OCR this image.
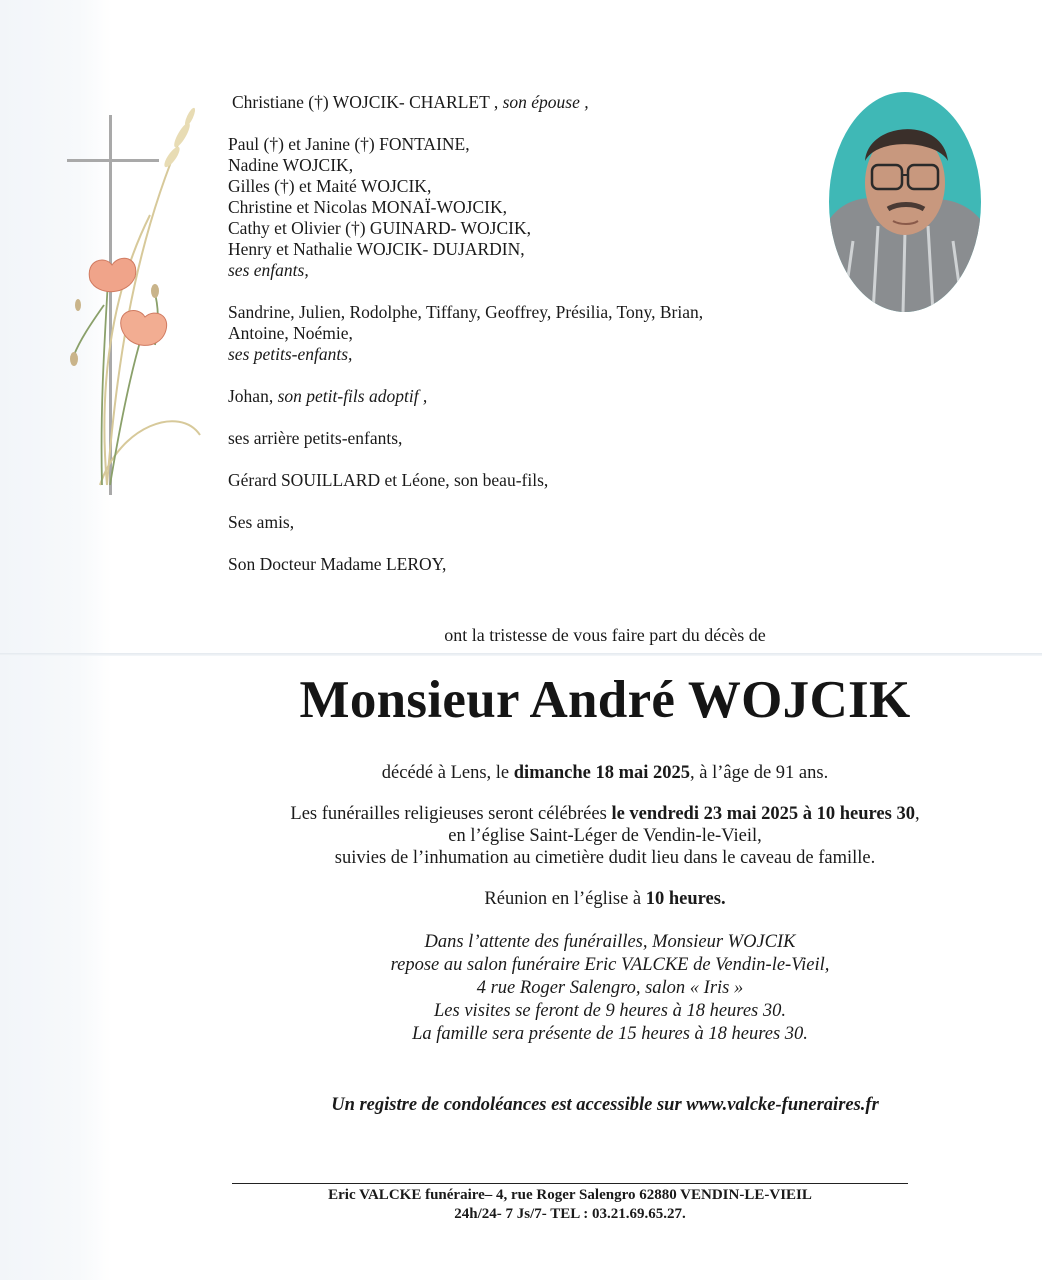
Christiane (†) WOJCIK- CHARLET , son épouse ,

Paul (†) et Janine (†) FONTAINE,

Nadine WOJCIK,

Gilles (†) et Maité WOJCIK,

Christine et Nicolas MONAÏ-WOJCIK,

Cathy et Olivier (†) GUINARD- WOJCIK,

Henry et Nathalie WOJCIK- DUJARDIN,

ses enfants,

Sandrine, Julien, Rodolphe, Tiffany, Geoffrey, Présilia, Tony, Brian,

Antoine, Noémie,

ses petits-enfants,

Johan, son petit-fils adoptif ,

ses arrière petits-enfants,

Gérard SOUILLARD et Léone, son beau-fils,

Ses amis,

Son Docteur Madame LEROY,

ont la tristesse de vous faire part du décès de
Monsieur André WOJCIK

décédé à Lens, le dimanche 18 mai 2025, à l’âge de 91 ans.

Les funérailles religieuses seront célébrées le vendredi 23 mai 2025 à 10 heures 30,

en l’église Saint-Léger de Vendin-le-Vieil,

suivies de l’inhumation au cimetière dudit lieu dans le caveau de famille.

Réunion en l’église à 10 heures.

Dans l’attente des funérailles, Monsieur WOJCIK

repose au salon funéraire Eric VALCKE de Vendin-le-Vieil,

4 rue Roger Salengro, salon « Iris »

Les visites se feront de 9 heures à 18 heures 30.

La famille sera présente de 15 heures à 18 heures 30.

Un registre de condoléances est accessible sur www.valcke-funeraires.fr

Eric VALCKE funéraire– 4, rue Roger Salengro 62880 VENDIN-LE-VIEIL

24h/24- 7 Js/7- TEL : 03.21.69.65.27.
